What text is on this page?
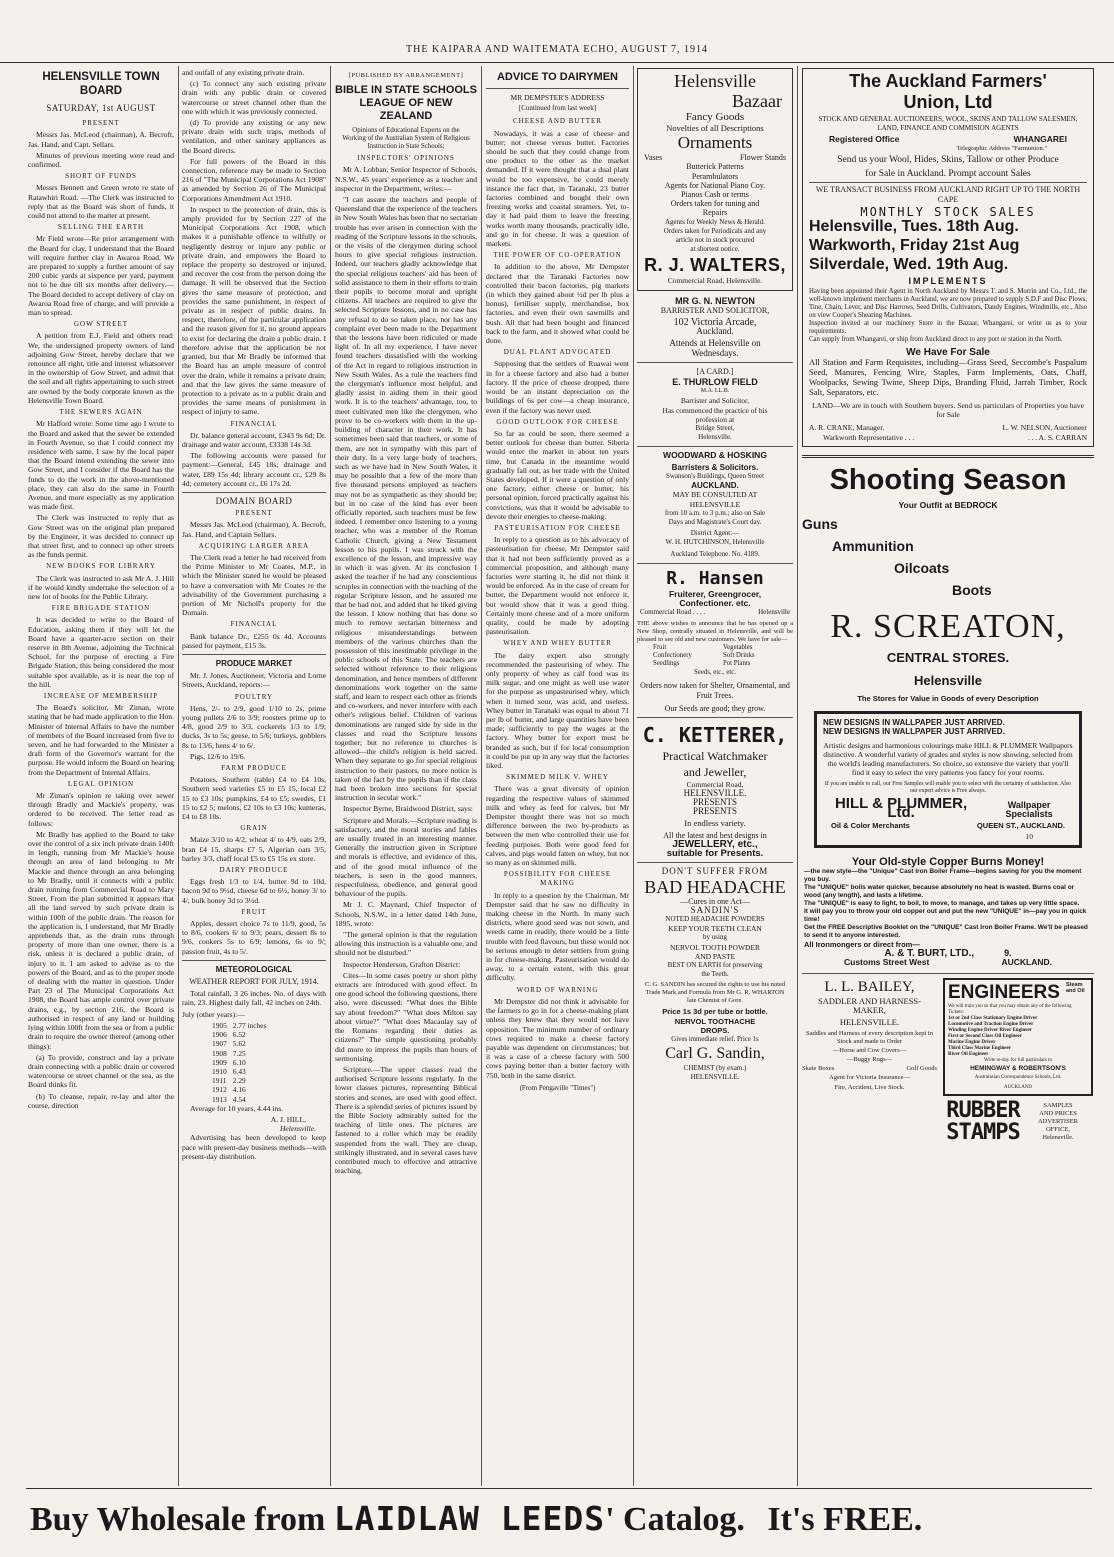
THE KAIPARA AND WAITEMATA ECHO, AUGUST 7, 1914
HELENSVILLE TOWN BOARD
SATURDAY, 1st AUGUST
PRESENT

Messrs Jas. McLeod (chairman), A. Becroft, Jas. Hand, and Capt. Sellars.

Minutes of previous meeting were read and confirmed.

SHORT OF FUNDS

Messrs Bennett and Green wrote re state of Ratawhiri Road. —The Clerk was instructed to reply that as the Board was short of funds, it could not attend to the matter at present.

SELLING THE EARTH

Mr Field wrote—Re prior arrangement with the Board for clay, I understand that the Board will require further clay in Awaroa Road. We are prepared to supply a further amount of say 200 cubic yards at sixpence per yard, payment not to be due till six months after delivery.—The Board decided to accept delivery of clay on Awaroa Road free of charge, and will provide a man to spread.

GOW STREET

A petition from E.J. Field and others read: We, the undersigned property owners of land adjoining Gow Street, hereby declare that we renounce all right, title and interest whatsoever in the ownership of Gow Street, and admit that the soil and all rights appertaining to such street are owned by the body corporate known as the Helensville Town Board.

THE SEWERS AGAIN

Mr Hafford wrote: Some time ago I wrote to the Board and asked that the sewer be extended in Fourth Avenue, so that I could connect my residence with same. I saw by the local paper that the Board intend extending the sewer into Gow Street, and I consider if the Board has the funds to do the work in the above-mentioned place, they can also do the same in Fourth Avenue, and more especially as my application was made first.

The Clerk was instructed to reply that as Gow Street was on the original plan prepared by the Engineer, it was decided to connect up that street first, and to connect up other streets as the funds permit.

NEW BOOKS FOR LIBRARY

The Clerk was instructed to ask Mr A. J. Hill if he would kindly undertake the selection of a new lot of books for the Public Library.

FIRE BRIGADE STATION

It was decided to write to the Board of Education, asking them if they will let the Board have a quarter-acre section on their reserve in 8th Avenue, adjoining the Technical School, for the purpose of erecting a Fire Brigade Station, this being considered the most suitable spot available, as it is near the top of the hill.

INCREASE OF MEMBERSHIP

The Board's solicitor, Mr Ziman, wrote stating that he had made application to the Hon. Minister of Internal Affairs to have the number of members of the Board increased from five to seven, and he had forwarded to the Minister a draft form of the Governor's warrant for the purpose. He would inform the Board on hearing from the Department of Internal Affairs.

LEGAL OPINION

Mr Ziman's opinion re taking over sewer through Bradly and Mackie's property, was ordered to be received. The letter read as follows:

Mr Bradly has applied to the Board to take over the control of a six inch private drain 140ft in length, running from Mr Mackie's house through an area of land belonging to Mr Mackie and thence through an area belonging to Mr Bradly, until it connects with a public drain running from Commercial Road to Mary Street. From the plan submitted it appears that all the land served by such private drain is within 100ft of the public drain. The reason for the application is, I understand, that Mr Bradly apprehends that, as the drain runs through property of more than one owner, there is a risk, unless it is declared a public drain, of injury to it. I am asked to advise as to the powers of the Board, and as to the proper mode of dealing with the matter in question. Under Part 23 of The Municipal Corporations Act 1908, the Board has ample control over private drains, e.g., by section 216, the Board is authorised in respect of any land or building lying within 100ft from the sea or from a public drain to require the owner thereof (among other things):

(a) To provide, construct and lay a private drain connecting with a public drain or covered watercourse or street channel or the sea, as the Board thinks fit.

(b) To cleanse, repair, re-lay and alter the course, direction

and outfall of any existing private drain.

(c) To connect any such existing private drain with any public drain or covered watercourse or street channel other than the one with which it was previously connected.

(d) To provide any existing or any new private drain with such traps, methods of ventilation, and other sanitary appliances as the Board directs.

For full powers of the Board in this connection, reference may be made to Section 216 of "The Municipal Corporations Act 1908" as amended by Section 26 of The Municipal Corporations Amendment Act 1910.

In respect to the protection of drain, this is amply provided for by Section 227 of the Municipal Corporations Act 1908, which makes it a punishable offence to wilfully or negligently destroy or injure any public or private drain, and empowers the Board to replace the property so destroyed or injured, and recover the cost from the person doing the damage. It will be observed that the Section gives the same measure of protection, and provides the same punishment, in respect of private as in respect of public drains. In respect, therefore, of the particular application and the reason given for it, no ground appears to exist for declaring the drain a public drain. I therefore advise that the application be not granted, but that Mr Bradly be informed that the Board has an ample measure of control over the drain, while it remains a private drain; and that the law gives the same measure of protection to a private as to a public drain and provides the same means of punishment in respect of injury to same.

FINANCIAL

Dr. balance general account, £343 9s 6d; Dr. drainage and water account, £3338 14s 3d.

The following accounts were passed for payment:—General, £45 18s; drainage and water, £89 15s 4d; library account cr., £29 8s 4d; cemetery account cr., £6 17s 2d.

DOMAIN BOARD
PRESENT

Messrs Jas. McLeod (chairman), A. Becroft, Jas. Hand, and Captain Sellars.

ACQUIRING LARGER AREA

The Clerk read a letter he had received from the Prime Minister to Mr Coates, M.P., in which the Minister stated he would be pleased to have a conversation with Mr Coates re the advisability of the Government purchasing a portion of Mr Nicholl's property for the Domain.

FINANCIAL

Bank balance Dr., £255 0s 4d. Accounts passed for payment, £15 3s.

PRODUCE MARKET

Mr. J. Jones, Auctioneer, Victoria and Lorne Streets, Auckland, reports:—

POULTRY

Hens, 2/- to 2/9, good 1/10 to 2s, prime young pullets 2/6 to 3/9; roosters prime up to 4/8, good 2/9 to 3/3, cockerels 1/3 to 1/9; ducks, 3s to 5s; geese, to 5/6; turkeys, gobblers 8s to 13/6, hens 4/ to 6/.

Pigs, 12/6 to 19/6.

FARM PRODUCE

Potatoes, Southern (table) £4 to £4 10s, Southern seed varieties £5 to £5 15, local £2 15 to £3 10s; pumpkins, £4 to £5; swedes, £1 15 to £2 5; melons, £2 10s to £3 10s; kumeras, £4 to £8 10s.

GRAIN

Maize 3/10 to 4/2, wheat 4/ to 4/9, oats 2/9, bran £4 15, sharps £7 5, Algerian oats 3/5, barley 3/3, chaff local £5 to £5 15s ex store.

DAIRY PRODUCE

Eggs fresh 1/3 to 1/4, butter 9d to 10d, bacon 9d to 9½d, cheese 6d to 6½, honey 3/ to 4/, bulk honey 3d to 3½d.

FRUIT

Apples, dessert choice 7s to 11/9, good, 5s to 8/6, cookers 6/ to 9/3; pears, dessert 8s to 9/6, cookers 5s to 6/9; lemons, 6s to 9/; passion fruit, 4s to 5/.

METEOROLOGICAL
WEATHER REPORT FOR JULY, 1914.

Total rainfall, 3 26 inches. No. of days with rain, 23. Highest daily fall, 42 inches on 24th.

July (other years):—

1905	2.77 inches
1906	6.52
1907	5.62
1908	7.25
1909	6.10
1910	6.43
1911	2.29
1912	4.16
1913	4.54

Average for 10 years, 4.44 ins.

A. J. HILL,
Helensville.

Advertising has been developed to keep pace with present-day business methods—with present-day distribution.

[PUBLISHED BY ARRANGEMENT]
BIBLE IN STATE SCHOOLS LEAGUE OF NEW ZEALAND
Opinions of Educational Experts on the Working of the Australian System of Religious Instruction in State Schools;
INSPECTORS' OPINIONS

Mr A. Lobban, Senior Inspector of Schools, N.S.W., 45 years' experience as a teacher and inspector in the Department, writes:—

"I can assure the teachers and people of Queensland that the experience of the teachers in New South Wales has been that no sectarian trouble has ever arisen in connection with the reading of the Scripture lessons in the schools, or the visits of the clergymen during school hours to give special religious instruction. Indeed, our teachers gladly acknowledge that the special religious teachers' aid has been of solid assistance to them in their efforts to train their pupils to become moral and upright citizens. All teachers are required to give the selected Scripture lessons, and in no case has any refusal to do so taken place, nor has any complaint ever been made to the Department that the lessons have been ridiculed or made light of. In all my experience, I have never found teachers dissatisfied with the working of the Act in regard to religious instruction in New South Wales. As a rule the teachers find the clergyman's influence most helpful, and gladly assist in aiding them in their good work. It is to the teachers' advantage, too, to meet cultivated men like the clergymen, who prove to be co-workers with them in the up-building of character in their work. It has sometimes been said that teachers, or some of them, are not in sympathy with this part of their duty. In a very large body of teachers, such as we have had in New South Wales, it may be possible that a few of the more than five thousand persons employed as teachers may not be as sympathetic as they should be; but in no case of the kind has ever been officially reported, such teachers must be few indeed. I remember once listening to a young teacher, who was a member of the Roman Catholic Church, giving a New Testament lesson to his pupils. I was struck with the excellence of the lesson, and impressive way in which it was given. At its conclusion I asked the teacher if he had any conscientious scruples in connection with the teaching of the regular Scripture lesson, and he assured me that he had not, and added that he liked giving the lesson. I know nothing that has done so much to remove sectarian bitterness and religious misunderstandings between members of the various churches than the possession of this inestimable privilege in the public schools of this State. The teachers are selected without reference to their religious denomination, and hence members of different denominations work together on the same staff, and learn to respect each other as friends and co-workers, and never interfere with each other's religious belief. Children of various denominations are ranged side by side in the classes and read the Scripture lessons together; but no reference to churches is allowed—the child's religion is held sacred. When they separate to go for special religious instruction to their pastors, no more notice is taken of the fact by the pupils than if the class had been broken into sections for special instruction in secular work."

Inspector Byrne, Braidwood District, says:

Scripture and Morals.—Scripture reading is satisfactory, and the moral stories and fables are usually treated in an interesting manner. Generally the instruction given in Scripture and morals is effective, and evidence of this, and of the good moral influence of the teachers, is seen in the good manners, respectfulness, obedience, and general good behaviour of the pupils.

Mr J. C. Maynard, Chief Inspector of Schools, N.S.W., in a letter dated 14th June, 1895, wrote:

"The general opinion is that the regulation allowing this instruction is a valuable one, and should not be disturbed."

Inspector Henderson, Grafton District:

Cites—In some cases poetry or short pithy extracts are introduced with good effect. In one good school the following questions, there also, were discussed: "What does the Bible say about freedom?" "What does Milton say about virtue?" "What does Macaulay say of the Romans regarding their duties as citizens?" The simple questioning probably did more to impress the pupils than hours of sermonising.

Scripture.—The upper classes read the authorised Scripture lessons regularly. In the lower classes pictures, representing Biblical stories and scenes, are used with good effect. There is a splendid series of pictures issued by the Bible Society admirably suited for the teaching of little ones. The pictures are fastened to a roller which may be readily suspended from the wall. They are cheap, strikingly illustrated, and in several cases have contributed much to effective and attractive teaching.

ADVICE TO DAIRYMEN
MR DEMPSTER'S ADDRESS
[Continued from last week]
CHEESE AND BUTTER

Nowadays, it was a case of cheese and butter; not cheese versus butter. Factories should be such that they could change from one product to the other as the market demanded. If it were thought that a dual plant would be too expensive, he could merely instance the fact that, in Taranaki, 23 butter factories combined and bought their own freezing works and coastal steamers. Yet, to-day it had paid them to leave the freezing works worth many thousands, practically idle, and go in for cheese. It was a question of markets.

THE POWER OF CO-OPERATION

In addition to the above, Mr Dempster declared that the Taranaki Factories now controlled their bacon factories, pig markets (in which they gained about ½d per lb plus a bonus), fertiliser supply, merchandise, box factories, and even their own sawmills and bush. All that had been bought and financed back to the farm, and it showed what could be done.

DUAL PLANT ADVOCATED

Supposing that the settlers of Ruawai went in for a cheese factory and also had a butter factory. If the price of cheese dropped, there would be an instant depreciation on the buildings of 6s per cow—a cheap insurance, even if the factory was never used.

GOOD OUTLOOK FOR CHEESE

So far as could be seen, there seemed a better outlook for cheese than butter. Siberia would enter the market in about ten years time, but Canada in the meantime would gradually fall out, as her trade with the United States developed. If it were a question of only one factory, either cheese or butter, his personal opinion, forced practically against his convictions, was that it would be advisable to devote their energies to cheese-making.

PASTEURISATION FOR CHEESE

In reply to a question as to his advocacy of pasteurisation for cheese, Mr Dempster said that it had not been sufficiently proved as a commercial proposition, and although many factories were starting it, he did not think it would be enforced. As in the case of cream for butter, the Department would not enforce it, but would show that it was a good thing. Certainly more cheese and of a more uniform quality, could be made by adopting pasteurisation.

WHEY AND WHEY BUTTER

The dairy expert also strongly recommended the pasteurising of whey. The only property of whey as calf food was its milk sugar, and one might as well use water for the purpose as unpasteurised whey, which when it turned sour, was acid, and useless. Whey butter in Taranaki was equal to about 71 per lb of butter, and large quantities have been made; sufficiently to pay the wages at the factory. Whey butter for export must be branded as such, but if for local consumption it could be put up in any way that the factories liked.

SKIMMED MILK V. WHEY

There was a great diversity of opinion regarding the respective values of skimmed milk and whey as feed for calves, but Mr Dempster thought there was not so much difference between the two by-products as between the men who controlled their use for feeding purposes. Both were good feed for calves, and pigs would fatten on whey, but not so many as on skimmed milk.

POSSIBILITY FOR CHEESE MAKING

In reply to a question by the Chairman, Mr Dempster said that he saw no difficulty in making cheese in the North. In many such districts, where good seed was not sown, and weeds came in readily, there would be a little trouble with feed flavours, but these would not be serious enough to deter settlers from going in for cheese-making. Pasteurisation would do away, to a certain extent, with this great difficulty.

WORD OF WARNING

Mr Dempster did not think it advisable for the farmers to go in for a cheese-making plant unless they knew that they would not have opposition. The minimum number of ordinary cows required to make a cheese factory payable was dependent on circumstances; but it was a case of a cheese factory with 500 cows paying better than a butter factory with 750, both in the same district.

(From Pengaville "Times")
Helensville
Bazaar
Fancy Goods
Novelties of all Descriptions
Ornaments
Vases	Flower Stands
Butterick Patterns
Perambulators
Agents for National Piano Coy.
Pianos Cash or terms
Orders taken for tuning and
Repairs
Agents for Weekly News & Herald.
Orders taken for Periodicals and any
article not in stock procured
at shortest notice.
R. J. WALTERS,
Commercial Road, Helensville.
MR G. N. NEWTON
BARRISTER AND SOLICITOR,
102 Victoria Arcade,
Auckland.
Attends at Helensville on
Wednesdays.
[A CARD.]
E. THURLOW FIELD
M.A. LL.B.
Barrister and Solicitor,
Has commenced the practice of his
profession at
Bridge Street,
Helensville.
WOODWARD & HOSKING
Barristers & Solicitors.
Swanson's Buildings, Queen Street
AUCKLAND.
MAY BE CONSULTED AT
HELENSVILLE
from 10 a.m. to 3 p.m.; also on Sale
Days and Magistrate's Court day.
District Agent:—
W. H. HUTCHINSON, Helensville
Auckland Telephone. No. 4189.
R. Hansen
Fruiterer, Greengrocer,
Confectioner. etc.
Commercial Road . . . .	Helensville
THE above wishes to announce that he has opened up a New Shop, centrally situated in Helensville, and will be pleased to see old and new customers. We have for sale—
Fruit	Vegetables
Confectionery	Soft Drinks
Seedlings	Pot Plants
Seeds, etc., etc.
Orders now taken for Shelter, Ornamental, and Fruit Trees.
Our Seeds are good; they grow.
C. KETTERER,
Practical Watchmaker
and Jeweller,
Commercial Road,
HELENSVILLE.
PRESENTS
PRESENTS
In endless variety.
All the latest and best designs in
JEWELLERY, etc.,
suitable for Presents.
DON'T SUFFER FROM
BAD HEADACHE
—Cures in one Act—
SANDIN'S
NOTED HEADACHE POWDERS
KEEP YOUR TEETH CLEAN
by using
NERVOL TOOTH POWDER
AND PASTE
BEST ON EARTH for preserving
the Teeth.
C. G. SANDIN has secured the rights to use his noted Trade Mark and Formula from Mr G. R. WHARTON late Chemist of Gore.
Price 1s 3d per tube or bottle.
NERVOL TOOTHACHE
DROPS.
Gives immediate relief. Price 1s
Carl G. Sandin,
CHEMIST (by exam.)
HELENSVILLE.
The Auckland Farmers'
Union, Ltd
STOCK AND GENERAL AUCTIONEERS, WOOL, SKINS AND TALLOW SALESMEN, LAND, FINANCE AND COMMISION AGENTS
Registered Office	WHANGAREI
Telegraphic Address "Farmunion."
Send us your Wool, Hides, Skins, Tallow or other Produce
for Sale in Auckland. Prompt account Sales
WE TRANSACT BUSINESS FROM AUCKLAND RIGHT UP TO THE NORTH CAPE
MONTHLY STOCK SALES
Helensville, Tues. 18th Aug.
Warkworth, Friday 21st Aug
Silverdale, Wed. 19th Aug.
IMPLEMENTS
Having been appointed their Agent in North Auckland by Messrs T. and S. Morrin and Co., Ltd., the well-known implement merchants in Auckland, we are now prepared to supply S.D.F and Disc Plows, Tine, Chain, Lever, and Disc Harrows, Seed Drills, Cultivators, Dandy Engines, Windmills, etc., Also on view Cooper's Shearing Machines.
Inspection invited at our machinery Store in the Bazaar, Whangarei, or write us as to your requirements.
Can supply from Whangarei, or ship from Auckland direct to any port or station in the North.
We Have For Sale
All Station and Farm Requisites, including—Grass Seed, Seccombe's Paspalum Seed, Manures, Fencing Wire, Staples, Farm Implements, Oats, Chaff, Woolpacks, Sewing Twine, Sheep Dips, Branding Fluid, Jarrah Timber, Rock Salt, Separators, etc.
LAND—We are in touch with Southern buyers. Send us particulars of Properties you have for Sale
A. R. CRANE, Manager.	L. W. NELSON, Auctioneer
Warkworth Representative . . .	. . . A. S. CARRAN
Shooting Season
Your Outfit at BEDROCK
Guns
Ammunition
Oilcoats
Boots
R. SCREATON,
CENTRAL STORES.
Helensville
The Stores for Value in Goods of every Description
NEW DESIGNS IN WALLPAPER JUST ARRIVED.
NEW DESIGNS IN WALLPAPER JUST ARRIVED.
Artistic designs and harmonious colourings make HILL & PLUMMER Wallpapers distinctive. A wonderful variety of grades and styles is now showing, selected from the world's leading manufacturers. So choice, so extensive the variety that you'll find it easy to select the very patterns you fancy for your rooms.
If you are unable to call, our Free Samples will enable you to select with the certainty of satisfaction. Also our expert advice is Free always.
HILL & PLUMMER, Ltd.	Wallpaper Specialists
Oil & Color Merchants	QUEEN ST., AUCKLAND.
10
Your Old-style Copper Burns Money!
—the new style—the "Unique" Cast Iron Boiler Frame—begins saving for you the moment you buy.
The "UNIQUE" boils water quicker, because absolutely no heat is wasted. Burns coal or wood (any length), and lasts a lifetime.
The "UNIQUE" is easy to light, to boil, to move, to manage, and takes up very little space.
It will pay you to throw your old copper out and put the new "UNIQUE" in—pay you in quick time!
Get the FREE Descriptive Booklet on the "UNIQUE" Cast Iron Boiler Frame. We'll be pleased to send it to anyone interested.
All Ironmongers or direct from—
A. & T. BURT, LTD.,	9.
Customs Street West	AUCKLAND.
L. L. BAILEY,
SADDLER AND HARNESS-
MAKER,
HELENSVILLE.
Saddles and Harness of every description kept in Stock and made to Order
—Horse and Cow Covers—
—Buggy Rugs—
Skate Boxes	Golf Goods
Agent for Victoria Insurance—
Fire, Accident, Live Stock.
ENGINEERS Steam and Oil
We will train you so that you may obtain any of the following Tickets:
1st or 2nd Class Stationary Engine Driver
Locomotive and Traction Engine Driver
Winding Engine Driver River Engineer
First or Second Class Oil Engineer
Marine Engine Driver
Third Class Marine Engineer
River Oil Engineer
Write to-day for full particulars to
HEMINGWAY & ROBERTSON'S
Australasian Correspondence Schools, Ltd.
AUCKLAND
RUBBER
STAMPS
SAMPLES
AND PRICES
ADVERTISER
OFFICE,
Helensville.
Buy Wholesale from LAIDLAW LEEDS' Catalog. It's FREE.
